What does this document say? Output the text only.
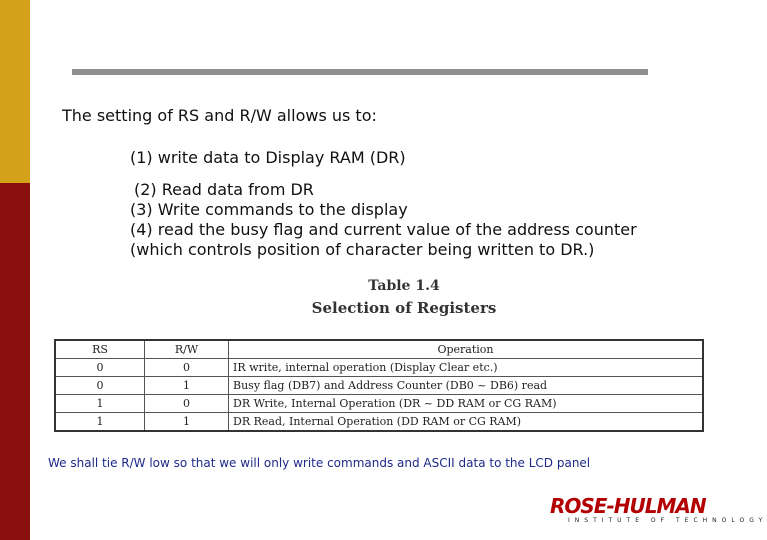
The setting of RS and R/W allows us to:
(1) write data to Display RAM (DR)
(2) Read data from DR
(3) Write commands to the display
(4) read the busy flag and current value of the address counter
(which controls position of character being written to DR.)
Table 1.4
Selection of Registers
RS	R/W	Operation
0	0	IR write, internal operation (Display Clear etc.)
0	1	Busy flag (DB7) and Address Counter (DB0 ~ DB6) read
1	0	DR Write, Internal Operation (DR ~ DD RAM or CG RAM)
1	1	DR Read, Internal Operation (DD RAM or CG RAM)
We shall tie R/W low so that we will only write commands and ASCII data to the LCD panel
ROSE-HULMAN
INSTITUTE OF TECHNOLOGY
